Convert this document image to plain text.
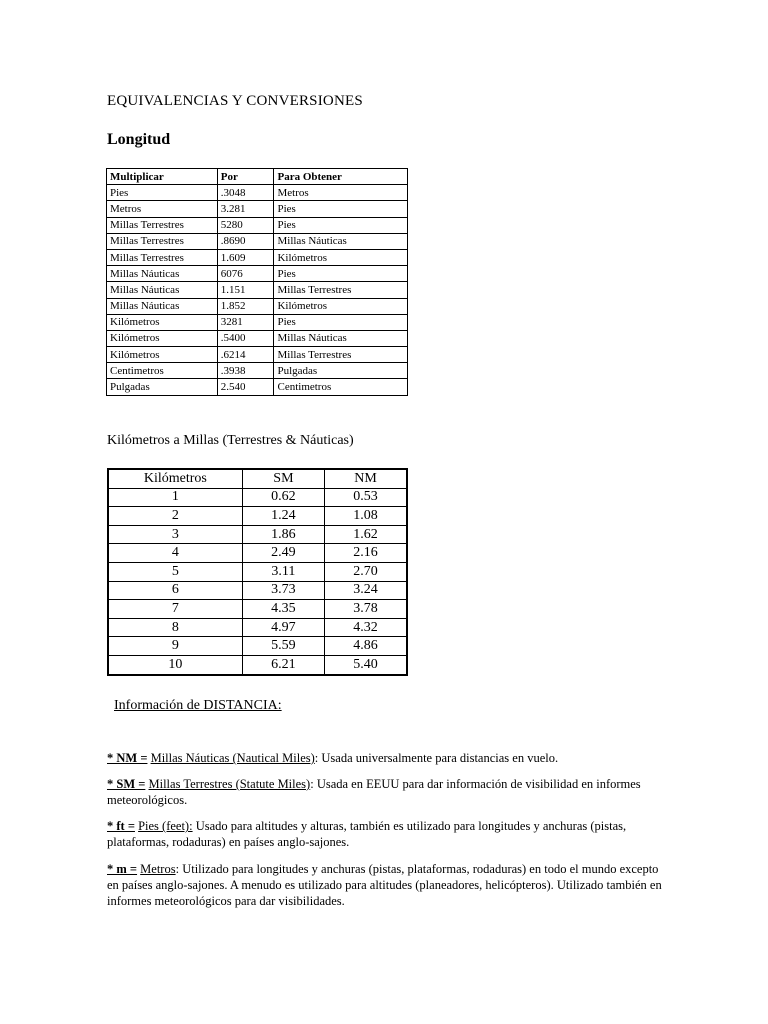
EQUIVALENCIAS Y CONVERSIONES
Longitud
Multiplicar	Por	Para Obtener
Pies	.3048	Metros
Metros	3.281	Pies
Millas Terrestres	5280	Pies
Millas Terrestres	.8690	Millas Náuticas
Millas Terrestres	1.609	Kilómetros
Millas Náuticas	6076	Pies
Millas Náuticas	1.151	Millas Terrestres
Millas Náuticas	1.852	Kilómetros
Kilómetros	3281	Pies
Kilómetros	.5400	Millas Náuticas
Kilómetros	.6214	Millas Terrestres
Centimetros	.3938	Pulgadas
Pulgadas	2.540	Centimetros

Kilómetros a Millas (Terrestres & Náuticas)

Kilómetros	SM	NM
1	0.62	0.53
2	1.24	1.08
3	1.86	1.62
4	2.49	2.16
5	3.11	2.70
6	3.73	3.24
7	4.35	3.78
8	4.97	4.32
9	5.59	4.86
10	6.21	5.40

Información de DISTANCIA:

* NM = Millas Náuticas (Nautical Miles): Usada universalmente para distancias en vuelo.

* SM = Millas Terrestres (Statute Miles): Usada en EEUU para dar información de visibilidad en informes meteorológicos.

* ft = Pies (feet): Usado para altitudes y alturas, también es utilizado para longitudes y anchuras (pistas, plataformas, rodaduras) en países anglo-sajones.

* m = Metros: Utilizado para longitudes y anchuras (pistas, plataformas, rodaduras) en todo el mundo excepto en países anglo-sajones. A menudo es utilizado para altitudes (planeadores, helicópteros). Utilizado también en informes meteorológicos para dar visibilidades.
